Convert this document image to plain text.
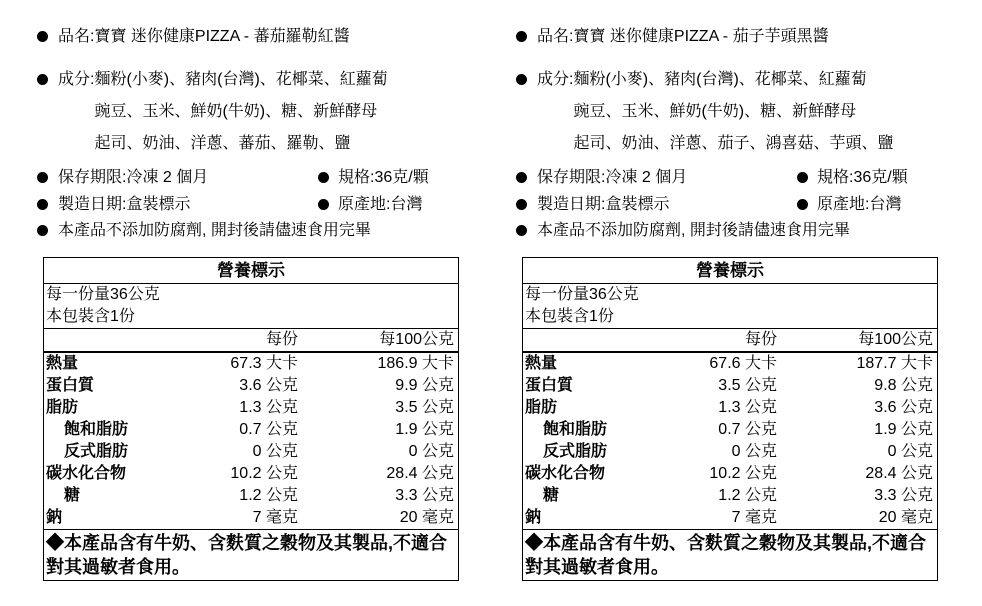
品名: 寶寶 迷你健康PIZZA - 蕃茄羅勒紅醬
成分: 麵粉(小麥)、豬肉(台灣)、花椰菜、紅蘿蔔
豌豆、玉米、鮮奶(牛奶)、糖、新鮮酵母
起司、奶油、洋蔥、蕃茄、羅勒、鹽
保存期限: 冷凍 2 個月	規格: 36克/顆
製造日期: 盒裝標示	原產地: 台灣
本產品不添加防腐劑, 開封後請儘速食用完畢
營養標示
每一份量36公克
本包裝含1份
每份	每100公克
熱量	67.3 大卡	186.9 大卡
蛋白質	3.6 公克	9.9 公克
脂肪	1.3 公克	3.5 公克
飽和脂肪	0.7 公克	1.9 公克
反式脂肪	0 公克	0 公克
碳水化合物	10.2 公克	28.4 公克
糖	1.2 公克	3.3 公克
鈉	7 毫克	20 毫克
◆本產品含有牛奶、含麩質之穀物及其製品,不適合對其過敏者食用。
品名: 寶寶 迷你健康PIZZA - 茄子芋頭黑醬
成分: 麵粉(小麥)、豬肉(台灣)、花椰菜、紅蘿蔔
豌豆、玉米、鮮奶(牛奶)、糖、新鮮酵母
起司、奶油、洋蔥、茄子、鴻喜菇、芋頭、鹽
保存期限: 冷凍 2 個月	規格: 36克/顆
製造日期: 盒裝標示	原產地: 台灣
本產品不添加防腐劑, 開封後請儘速食用完畢
營養標示
每一份量36公克
本包裝含1份
每份	每100公克
熱量	67.6 大卡	187.7 大卡
蛋白質	3.5 公克	9.8 公克
脂肪	1.3 公克	3.6 公克
飽和脂肪	0.7 公克	1.9 公克
反式脂肪	0 公克	0 公克
碳水化合物	10.2 公克	28.4 公克
糖	1.2 公克	3.3 公克
鈉	7 毫克	20 毫克
◆本產品含有牛奶、含麩質之穀物及其製品,不適合對其過敏者食用。
